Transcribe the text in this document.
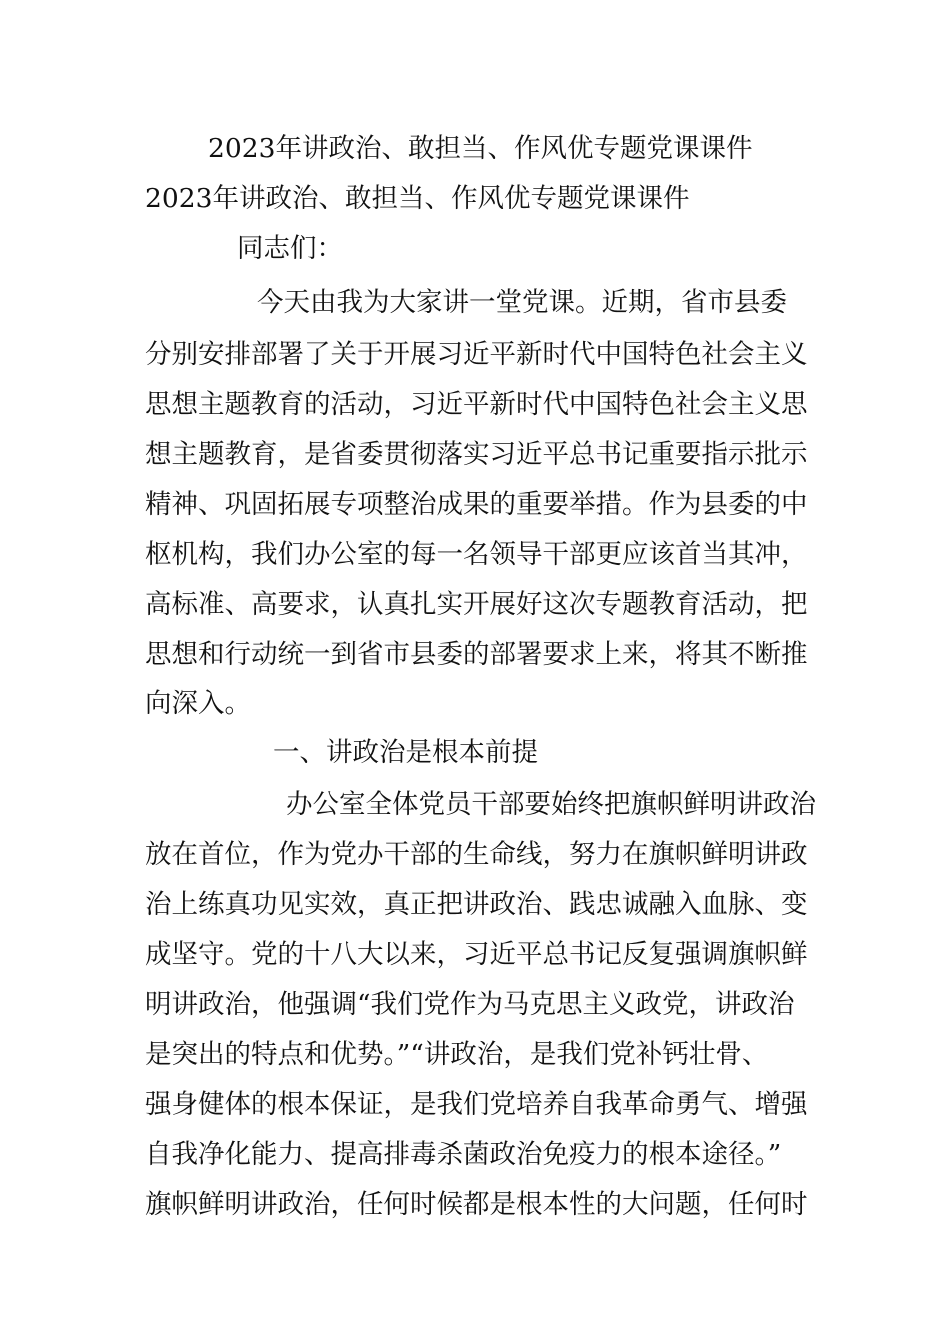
2023年讲政治、敢担当、作风优专题党课课件
2023年讲政治、敢担当、作风优专题党课课件
同志们：
今天由我为大家讲一堂党课。近期，省市县委
分别安排部署了关于开展习近平新时代中国特色社会主义
思想主题教育的活动，习近平新时代中国特色社会主义思
想主题教育，是省委贯彻落实习近平总书记重要指示批示
精神、巩固拓展专项整治成果的重要举措。作为县委的中
枢机构，我们办公室的每一名领导干部更应该首当其冲，
高标准、高要求，认真扎实开展好这次专题教育活动，把
思想和行动统一到省市县委的部署要求上来，将其不断推
向深入。
一、讲政治是根本前提
办公室全体党员干部要始终把旗帜鲜明讲政治
放在首位，作为党办干部的生命线，努力在旗帜鲜明讲政
治上练真功见实效，真正把讲政治、践忠诚融入血脉、变
成坚守。党的十八大以来，习近平总书记反复强调旗帜鲜
明讲政治，他强调“我们党作为马克思主义政党，讲政治
是突出的特点和优势。”“讲政治，是我们党补钙壮骨、
强身健体的根本保证，是我们党培养自我革命勇气、增强
自我净化能力、提高排毒杀菌政治免疫力的根本途径。”
旗帜鲜明讲政治，任何时候都是根本性的大问题，任何时
